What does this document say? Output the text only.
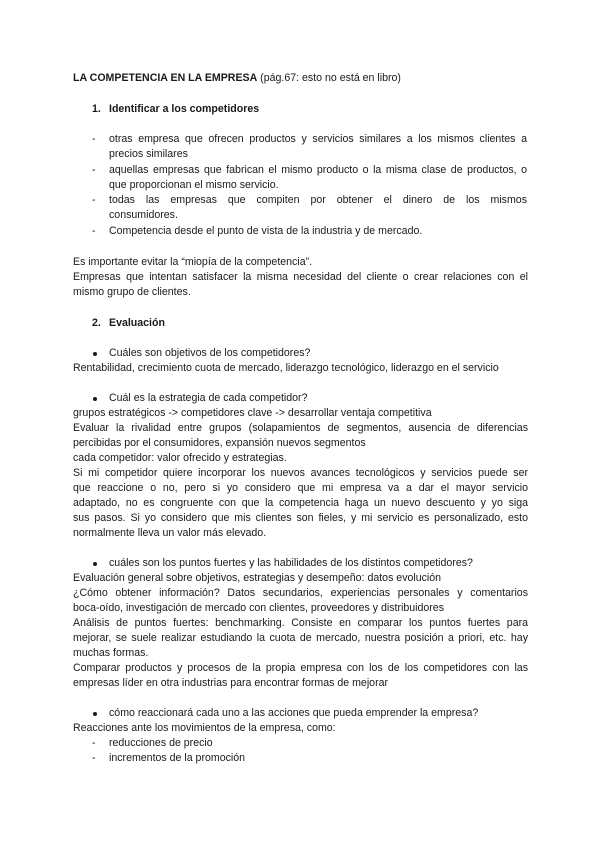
LA COMPETENCIA EN LA EMPRESA (pág.67: esto no está en libro)
1. Identificar a los competidores
- otras empresa que ofrecen productos y servicios similares a los mismos clientes a
precios similares
- aquellas empresas que fabrican el mismo producto o la misma clase de productos, o
que proporcionan el mismo servicio.
- todas las empresas que compiten por obtener el dinero de los mismos
consumidores.
- Competencia desde el punto de vista de la industria y de mercado.
Es importante evitar la “miopía de la competencia”.
Empresas que intentan satisfacer la misma necesidad del cliente o crear relaciones con el
mismo grupo de clientes.
2. Evaluación
Cuáles son objetivos de los competidores?
Rentabilidad, crecimiento cuota de mercado, liderazgo tecnológico, liderazgo en el servicio
Cuál es la estrategia de cada competidor?
grupos estratégicos -> competidores clave -> desarrollar ventaja competitiva
Evaluar la rivalidad entre grupos (solapamientos de segmentos, ausencia de diferencias
percibidas por el consumidores, expansión nuevos segmentos
cada competidor: valor ofrecido y estrategias.
Si mi competidor quiere incorporar los nuevos avances tecnológicos y servicios puede ser
que reaccione o no, pero si yo considero que mi empresa va a dar el mayor servicio
adaptado, no es congruente con que la competencia haga un nuevo descuento y yo siga
sus pasos. Si yo considero que mis clientes son fieles, y mi servicio es personalizado, esto
normalmente lleva un valor más elevado.
cuáles son los puntos fuertes y las habilidades de los distintos competidores?
Evaluación general sobre objetivos, estrategias y desempeño: datos evolución
¿Cómo obtener información? Datos secundarios, experiencias personales y comentarios
boca-oído, investigación de mercado con clientes, proveedores y distribuidores
Análisis de puntos fuertes: benchmarking. Consiste en comparar los puntos fuertes para
mejorar, se suele realizar estudiando la cuota de mercado, nuestra posición a priori, etc. hay
muchas formas.
Comparar productos y procesos de la propia empresa con los de los competidores con las
empresas líder en otra industrias para encontrar formas de mejorar
cómo reaccionará cada uno a las acciones que pueda emprender la empresa?
Reacciones ante los movimientos de la empresa, como:
- reducciones de precio
- incrementos de la promoción
